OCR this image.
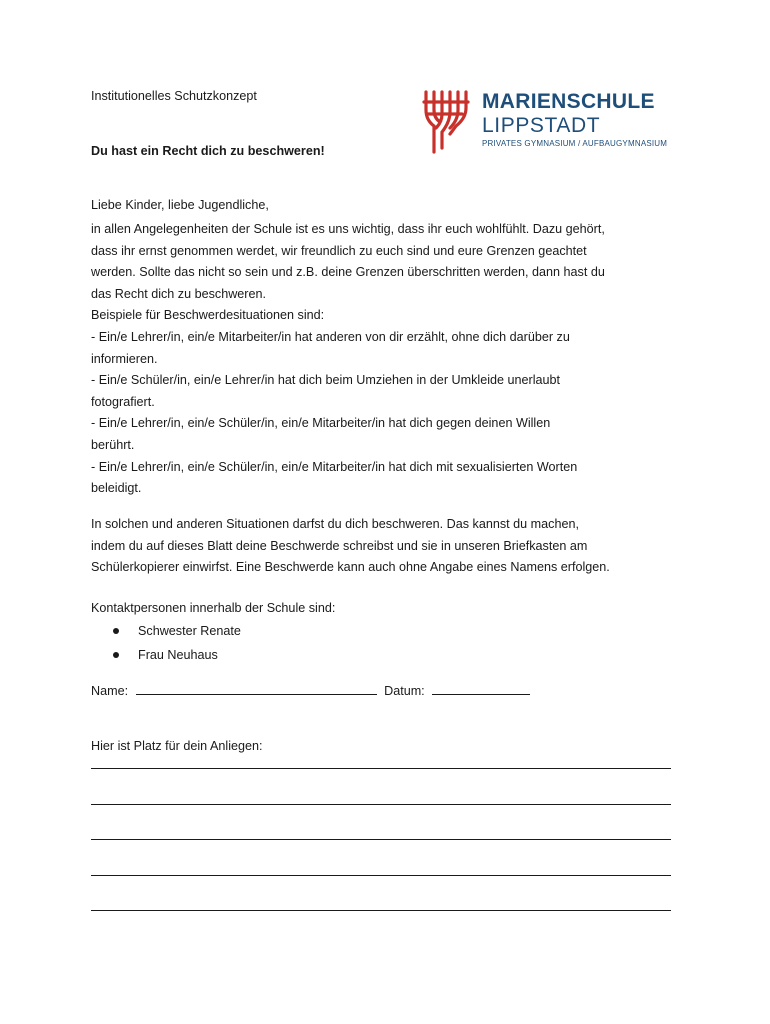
Institutionelles Schutzkonzept	MARIENSCHULE
LIPPSTADT
PRIVATES GYMNASIUM / AUFBAUGYMNASIUM
Du hast ein Recht dich zu beschweren!
Liebe Kinder, liebe Jugendliche,

in allen Angelegenheiten der Schule ist es uns wichtig, dass ihr euch wohlfühlt. Dazu gehört,

dass ihr ernst genommen werdet, wir freundlich zu euch sind und eure Grenzen geachtet

werden. Sollte das nicht so sein und z.B. deine Grenzen überschritten werden, dann hast du

das Recht dich zu beschweren.

Beispiele für Beschwerdesituationen sind:

- Ein/e Lehrer/in, ein/e Mitarbeiter/in hat anderen von dir erzählt, ohne dich darüber zu

informieren.

- Ein/e Schüler/in, ein/e Lehrer/in hat dich beim Umziehen in der Umkleide unerlaubt

fotografiert.

- Ein/e Lehrer/in, ein/e Schüler/in, ein/e Mitarbeiter/in hat dich gegen deinen Willen

berührt.

- Ein/e Lehrer/in, ein/e Schüler/in, ein/e Mitarbeiter/in hat dich mit sexualisierten Worten

beleidigt.

In solchen und anderen Situationen darfst du dich beschweren. Das kannst du machen,

indem du auf dieses Blatt deine Beschwerde schreibst und sie in unseren Briefkasten am

Schülerkopierer einwirfst. Eine Beschwerde kann auch ohne Angabe eines Namens erfolgen.

Kontaktpersonen innerhalb der Schule sind:
Schwester Renate
Frau Neuhaus
Name:	Datum:
Hier ist Platz für dein Anliegen:
